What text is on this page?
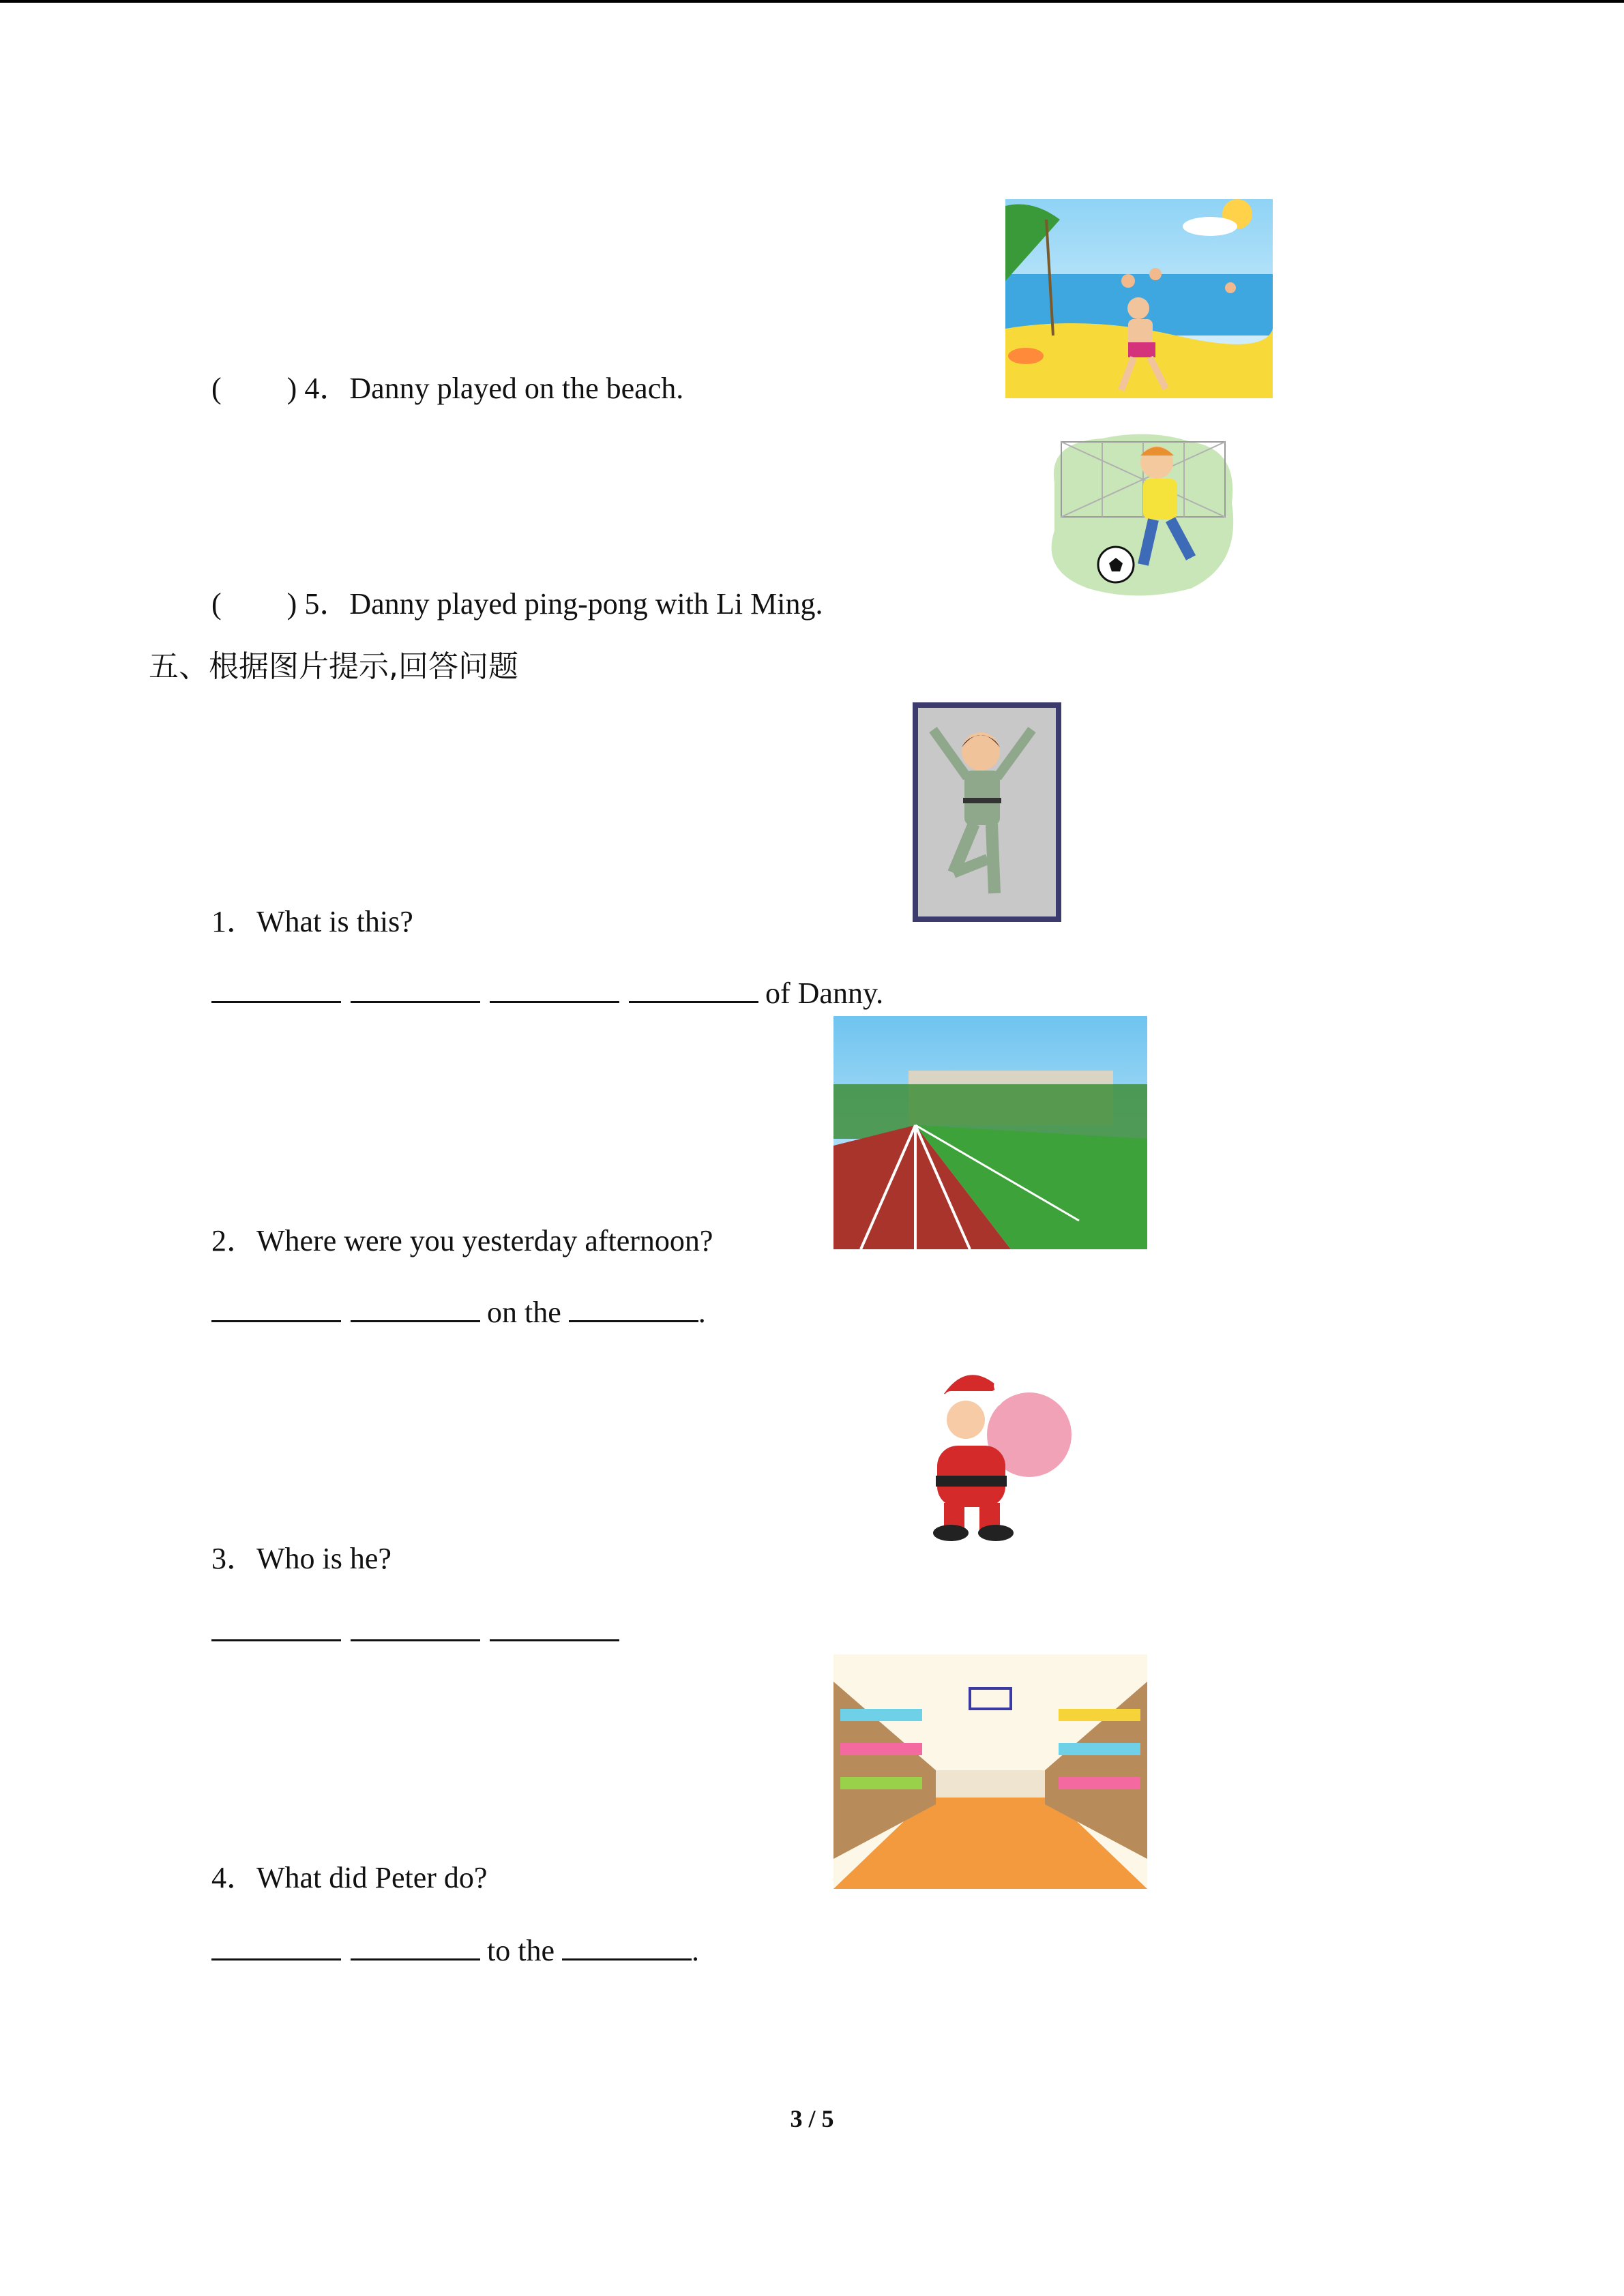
( ) 4．Danny played on the beach.
( ) 5．Danny played ping-pong with Li Ming.
五、根据图片提示,回答问题
1．What is this?
of Danny.
2．Where were you yesterday afternoon?
on the	.
3．Who is he?
4．What did Peter do?
to the	.
3 / 5
